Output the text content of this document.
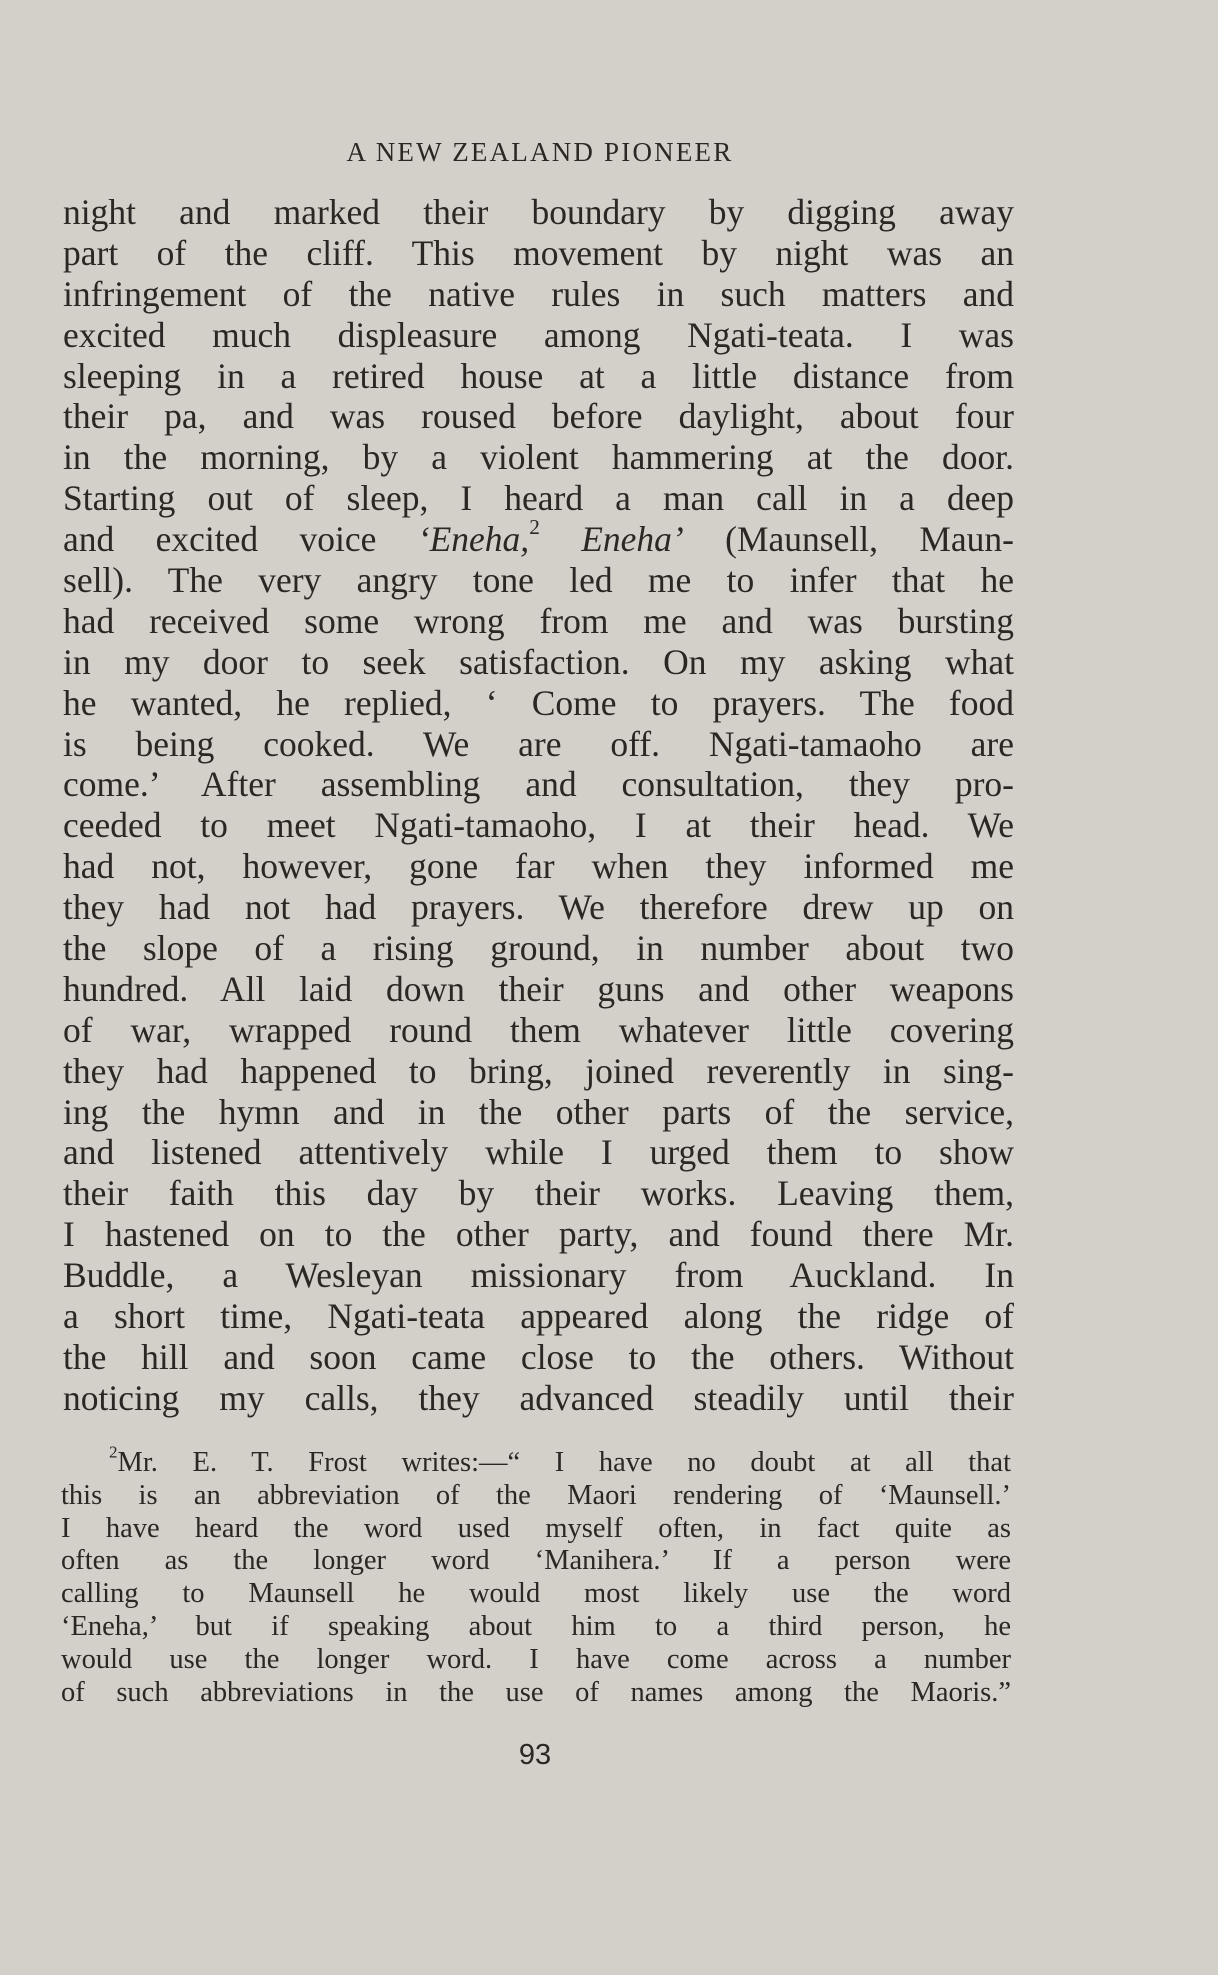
A NEW ZEALAND PIONEER
night and marked their boundary by digging away
part of the cliff. This movement by night was an
infringement of the native rules in such matters and
excited much displeasure among Ngati-teata. I was
sleeping in a retired house at a little distance from
their pa, and was roused before daylight, about four
in the morning, by a violent hammering at the door.
Starting out of sleep, I heard a man call in a deep
and excited voice ‘Eneha,$^2$ Eneha’ (Maunsell, Maun-
sell). The very angry tone led me to infer that he
had received some wrong from me and was bursting
in my door to seek satisfaction. On my asking what
he wanted, he replied, ‘ Come to prayers. The food
is being cooked. We are off. Ngati-tamaoho are
come.’ After assembling and consultation, they pro-
ceeded to meet Ngati-tamaoho, I at their head. We
had not, however, gone far when they informed me
they had not had prayers. We therefore drew up on
the slope of a rising ground, in number about two
hundred. All laid down their guns and other weapons
of war, wrapped round them whatever little covering
they had happened to bring, joined reverently in sing-
ing the hymn and in the other parts of the service,
and listened attentively while I urged them to show
their faith this day by their works. Leaving them,
I hastened on to the other party, and found there Mr.
Buddle, a Wesleyan missionary from Auckland. In
a short time, Ngati-teata appeared along the ridge of
the hill and soon came close to the others. Without
noticing my calls, they advanced steadily until their
$^2$Mr. E. T. Frost writes:—“ I have no doubt at all that
this is an abbreviation of the Maori rendering of ‘Maunsell.’
I have heard the word used myself often, in fact quite as
often as the longer word ‘Manihera.’ If a person were
calling to Maunsell he would most likely use the word
‘Eneha,’ but if speaking about him to a third person, he
would use the longer word. I have come across a number
of such abbreviations in the use of names among the Maoris.”
93
